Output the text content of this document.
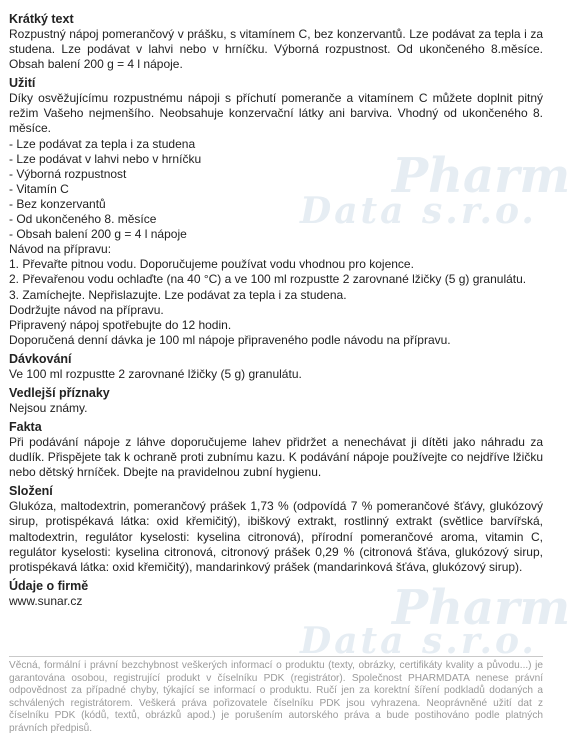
Pharm
Data s.r.o.
Pharm
Data s.r.o.
Krátký text

Rozpustný nápoj pomerančový v prášku, s vitamínem C, bez konzervantů. Lze podávat za tepla i za studena. Lze podávat v lahvi nebo v hrníčku. Výborná rozpustnost. Od ukončeného 8.měsíce. Obsah balení 200 g = 4 l nápoje.

Užití

Díky osvěžujícímu rozpustnému nápoji s příchutí pomeranče a vitamínem C můžete doplnit pitný režim Vašeho nejmenšího. Neobsahuje konzervační látky ani barviva. Vhodný od ukončeného 8. měsíce.

- Lze podávat za tepla i za studena
- Lze podávat v lahvi nebo v hrníčku
- Výborná rozpustnost
- Vitamín C
- Bez konzervantů
- Od ukončeného 8. měsíce
- Obsah balení 200 g = 4 l nápoje

Návod na přípravu:

1. Převařte pitnou vodu. Doporučujeme používat vodu vhodnou pro kojence.

2. Převařenou vodu ochlaďte (na 40 °C) a ve 100 ml rozpustte 2 zarovnané lžičky (5 g) granulátu.

3. Zamíchejte. Nepřislazujte. Lze podávat za tepla i za studena.

Dodržujte návod na přípravu.

Připravený nápoj spotřebujte do 12 hodin.

Doporučená denní dávka je 100 ml nápoje připraveného podle návodu na přípravu.

Dávkování

Ve 100 ml rozpustte 2 zarovnané lžičky (5 g) granulátu.

Vedlejší příznaky

Nejsou známy.

Fakta

Při podávání nápoje z láhve doporučujeme lahev přidržet a nenechávat ji dítěti jako náhradu za dudlík. Přispějete tak k ochraně proti zubnímu kazu. K podávání nápoje používejte co nejdříve lžičku nebo dětský hrníček. Dbejte na pravidelnou zubní hygienu.

Složení

Glukóza, maltodextrin, pomerančový prášek 1,73 % (odpovídá 7 % pomerančové šťávy, glukózový sirup, protispékavá látka: oxid křemičitý), ibiškový extrakt, rostlinný extrakt (světlice barvířská, maltodextrin, regulátor kyselosti: kyselina citronová), přírodní pomerančové aroma, vitamin C, regulátor kyselosti: kyselina citronová, citronový prášek 0,29 % (citronová šťáva, glukózový sirup, protispékavá látka: oxid křemičitý), mandarinkový prášek (mandarinková šťáva, glukózový sirup).

Údaje o firmě

www.sunar.cz

Věcná, formální i právní bezchybnost veškerých informací o produktu (texty, obrázky, certifikáty kvality a původu...) je garantována osobou, registrující produkt v číselníku PDK (registrátor). Společnost PHARMDATA nenese právní odpovědnost za případné chyby, týkající se informací o produktu. Ručí jen za korektní šíření podkladů dodaných a schválených registrátorem. Veškerá práva pořizovatele číselníku PDK jsou vyhrazena. Neoprávněné užití dat z číselníku PDK (kódů, textů, obrázků apod.) je porušením autorského práva a bude postihováno podle platných právních předpisů.
